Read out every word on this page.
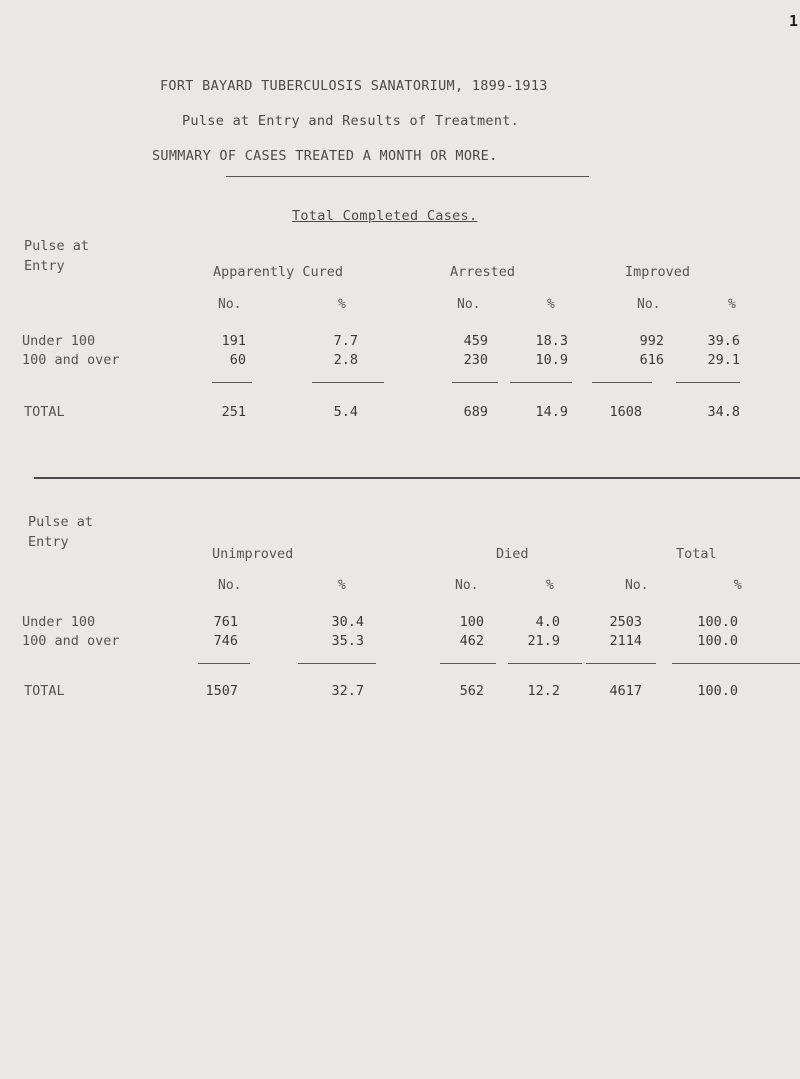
1
FORT BAYARD TUBERCULOSIS SANATORIUM, 1899-1913
Pulse at Entry and Results of Treatment.
SUMMARY OF CASES TREATED A MONTH OR MORE.
Total Completed Cases.
Pulse at
Entry	Apparently Cured	Arrested	Improved
No.	%	No.	%	No.	%
Under 100	191	7.7	459	18.3	992	39.6
100 and over	60	2.8	230	10.9	616	29.1
TOTAL	251	5.4	689	14.9	1608	34.8
Pulse at
Entry
Unimproved	Died	Total
No.	%	No.	%	No.	%
Under 100	761	30.4	100	4.0	2503	100.0
100 and over	746	35.3	462	21.9	2114	100.0
TOTAL	1507	32.7	562	12.2	4617	100.0
